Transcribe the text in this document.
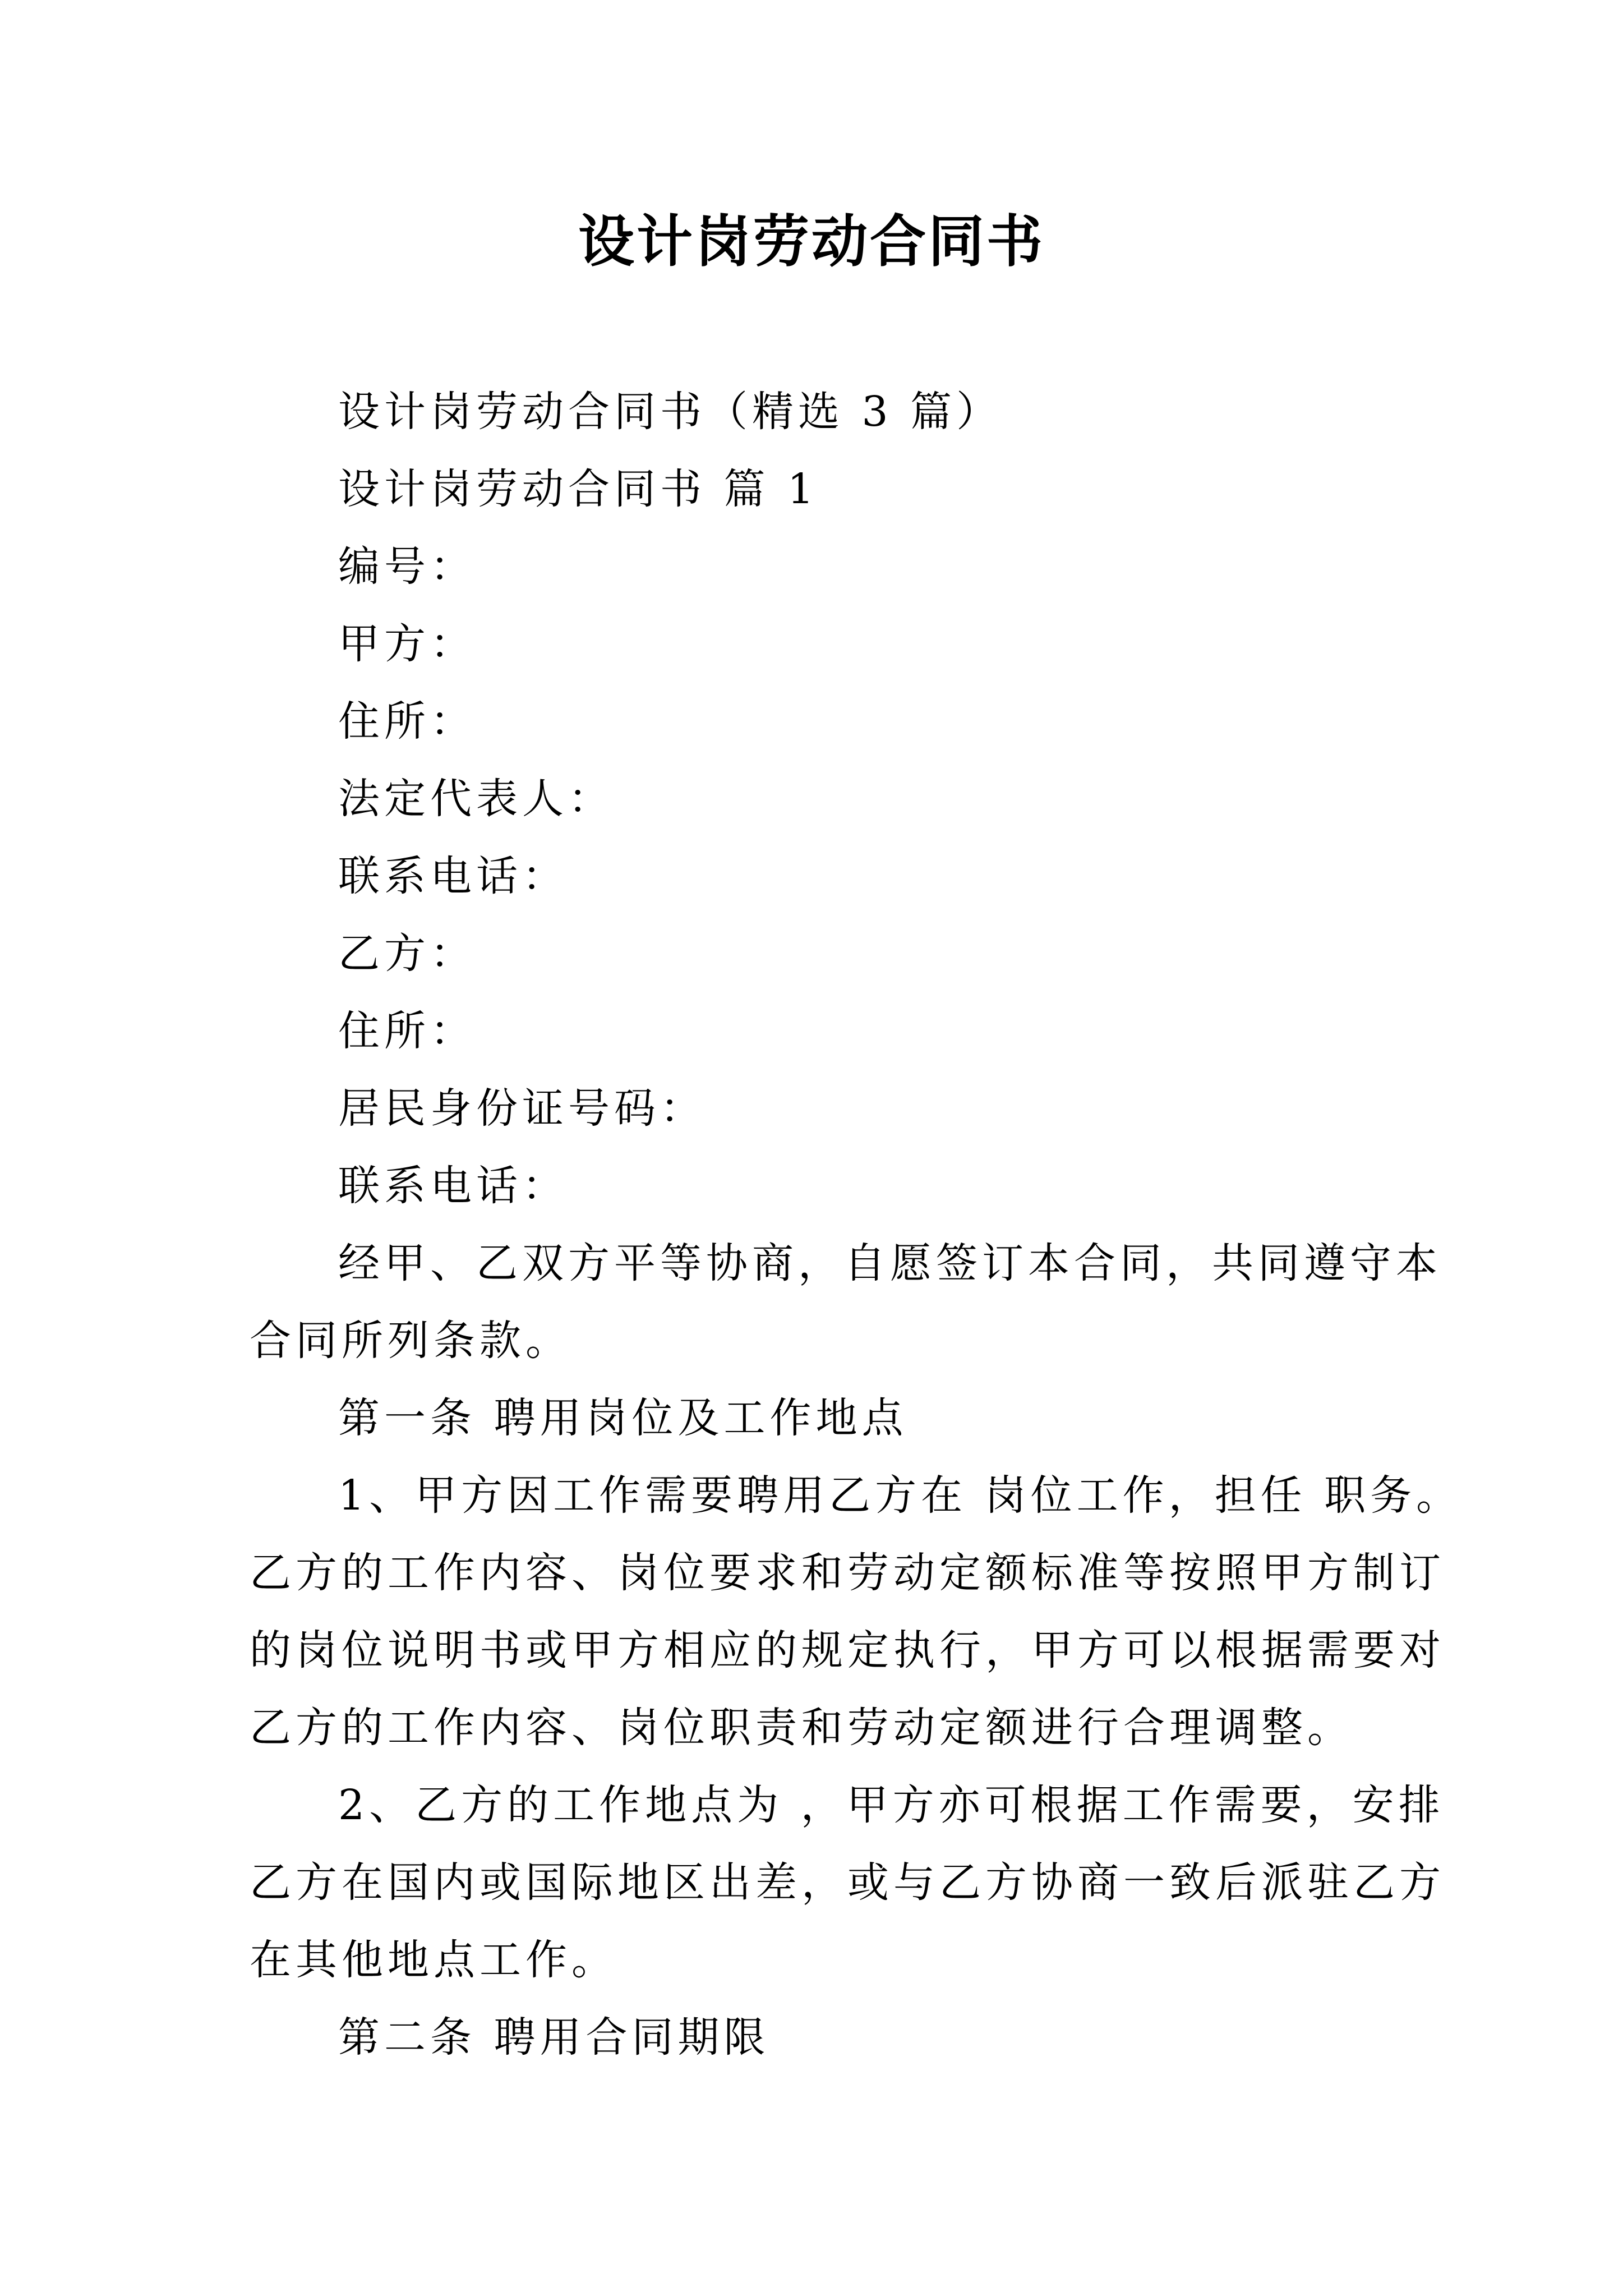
设计岗劳动合同书
设计岗劳动合同书（精选 3 篇）
设计岗劳动合同书 篇 1
编号：
甲方：
住所：
法定代表人：
联系电话：
乙方：
住所：
居民身份证号码：
联系电话：
经甲、乙双方平等协商，自愿签订本合同，共同遵守本
合同所列条款。
第一条 聘用岗位及工作地点
1、甲方因工作需要聘用乙方在 岗位工作，担任 职务。
乙方的工作内容、岗位要求和劳动定额标准等按照甲方制订
的岗位说明书或甲方相应的规定执行，甲方可以根据需要对
乙方的工作内容、岗位职责和劳动定额进行合理调整。
2、乙方的工作地点为 ，甲方亦可根据工作需要，安排
乙方在国内或国际地区出差，或与乙方协商一致后派驻乙方
在其他地点工作。
第二条 聘用合同期限
